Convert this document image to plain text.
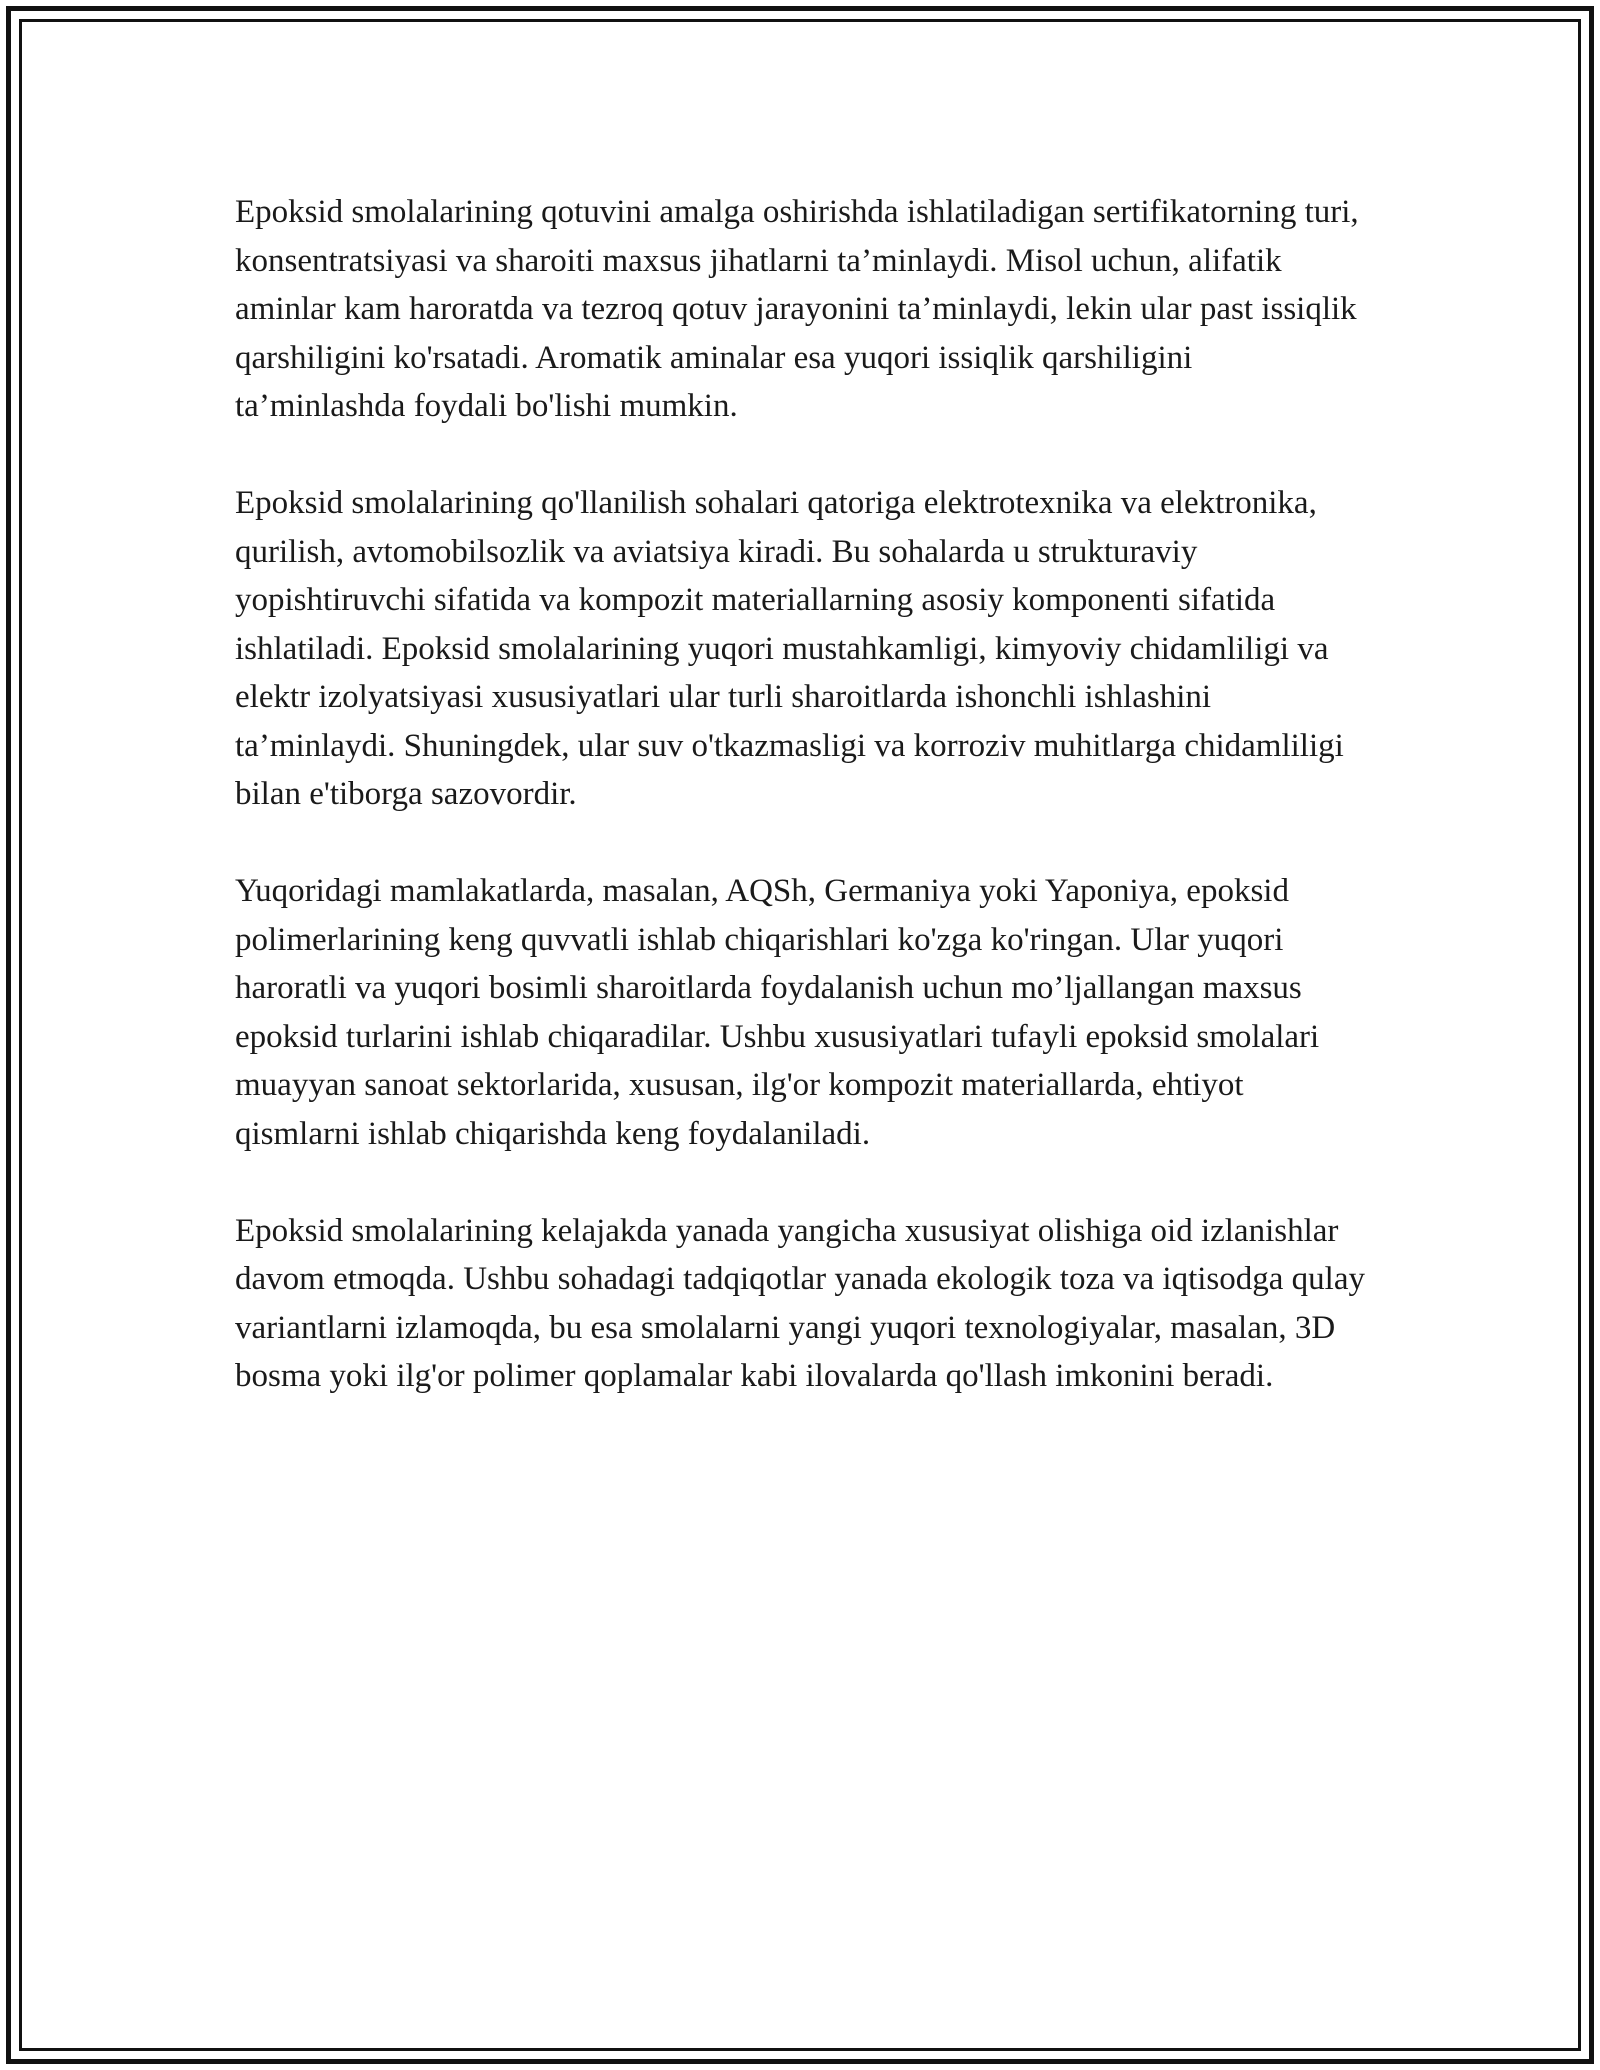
Epoksid smolalarining qotuvini amalga oshirishda ishlatiladigan sertifikatorning turi, konsentratsiyasi va sharoiti maxsus jihatlarni ta’minlaydi. Misol uchun, alifatik aminlar kam haroratda va tezroq qotuv jarayonini ta’minlaydi, lekin ular past issiqlik qarshiligini ko'rsatadi. Aromatik aminalar esa yuqori issiqlik qarshiligini ta’minlashda foydali bo'lishi mumkin.

Epoksid smolalarining qo'llanilish sohalari qatoriga elektrotexnika va elektronika, qurilish, avtomobilsozlik va aviatsiya kiradi. Bu sohalarda u strukturaviy yopishtiruvchi sifatida va kompozit materiallarning asosiy komponenti sifatida ishlatiladi. Epoksid smolalarining yuqori mustahkamligi, kimyoviy chidamliligi va elektr izolyatsiyasi xususiyatlari ular turli sharoitlarda ishonchli ishlashini ta’minlaydi. Shuningdek, ular suv o'tkazmasligi va korroziv muhitlarga chidamliligi bilan e'tiborga sazovordir.

Yuqoridagi mamlakatlarda, masalan, AQSh, Germaniya yoki Yaponiya, epoksid polimerlarining keng quvvatli ishlab chiqarishlari ko'zga ko'ringan. Ular yuqori haroratli va yuqori bosimli sharoitlarda foydalanish uchun mo’ljallangan maxsus epoksid turlarini ishlab chiqaradilar. Ushbu xususiyatlari tufayli epoksid smolalari muayyan sanoat sektorlarida, xususan, ilg'or kompozit materiallarda, ehtiyot qismlarni ishlab chiqarishda keng foydalaniladi.

Epoksid smolalarining kelajakda yanada yangicha xususiyat olishiga oid izlanishlar davom etmoqda. Ushbu sohadagi tadqiqotlar yanada ekologik toza va iqtisodga qulay variantlarni izlamoqda, bu esa smolalarni yangi yuqori texnologiyalar, masalan, 3D bosma yoki ilg'or polimer qoplamalar kabi ilovalarda qo'llash imkonini beradi.
